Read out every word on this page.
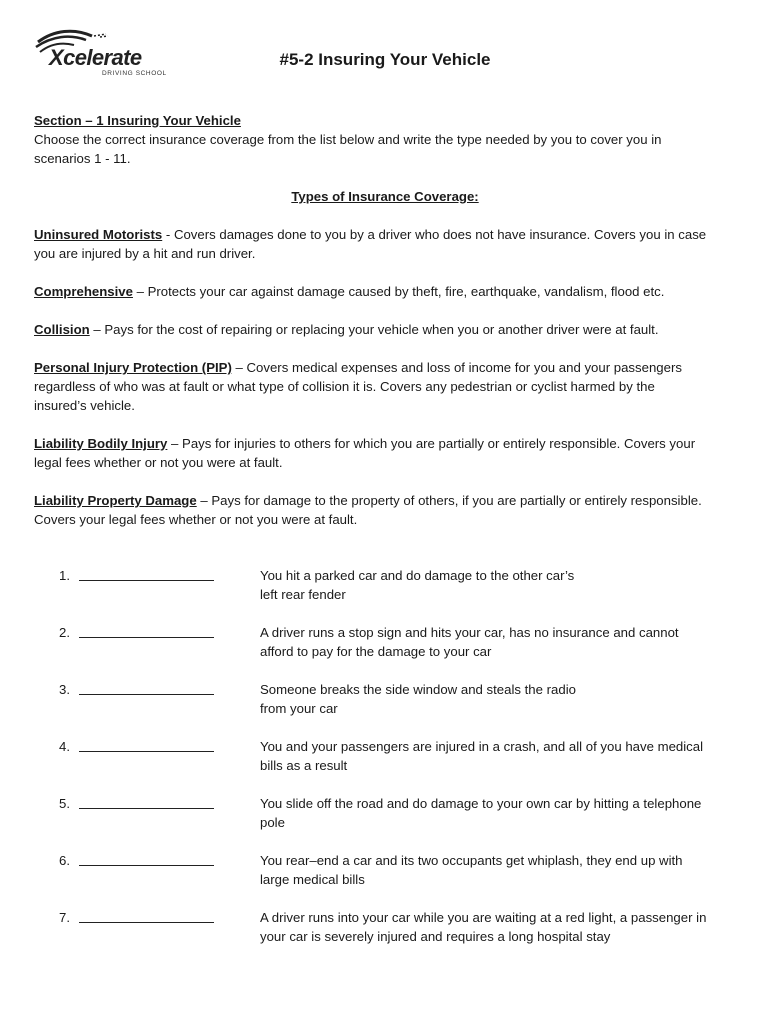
Xcelerate
DRIVING SCHOOL
#5-2 Insuring Your Vehicle
Section – 1 Insuring Your Vehicle
Choose the correct insurance coverage from the list below and write the type needed by you to cover you in
scenarios 1 - 11.
Types of Insurance Coverage:
Uninsured Motorists - Covers damages done to you by a driver who does not have insurance. Covers you in case
you are injured by a hit and run driver.
Comprehensive – Protects your car against damage caused by theft, fire, earthquake, vandalism, flood etc.
Collision – Pays for the cost of repairing or replacing your vehicle when you or another driver were at fault.
Personal Injury Protection (PIP) – Covers medical expenses and loss of income for you and your passengers
regardless of who was at fault or what type of collision it is. Covers any pedestrian or cyclist harmed by the
insured’s vehicle.
Liability Bodily Injury – Pays for injuries to others for which you are partially or entirely responsible. Covers your
legal fees whether or not you were at fault.
Liability Property Damage – Pays for damage to the property of others, if you are partially or entirely responsible.
Covers your legal fees whether or not you were at fault.
1.	You hit a parked car and do damage to the other car’s
left rear fender
2.	A driver runs a stop sign and hits your car, has no insurance and cannot
afford to pay for the damage to your car
3.	Someone breaks the side window and steals the radio
from your car
4.	You and your passengers are injured in a crash, and all of you have medical
bills as a result
5.	You slide off the road and do damage to your own car by hitting a telephone
pole
6.	You rear–end a car and its two occupants get whiplash, they end up with
large medical bills
7.	A driver runs into your car while you are waiting at a red light, a passenger in
your car is severely injured and requires a long hospital stay
